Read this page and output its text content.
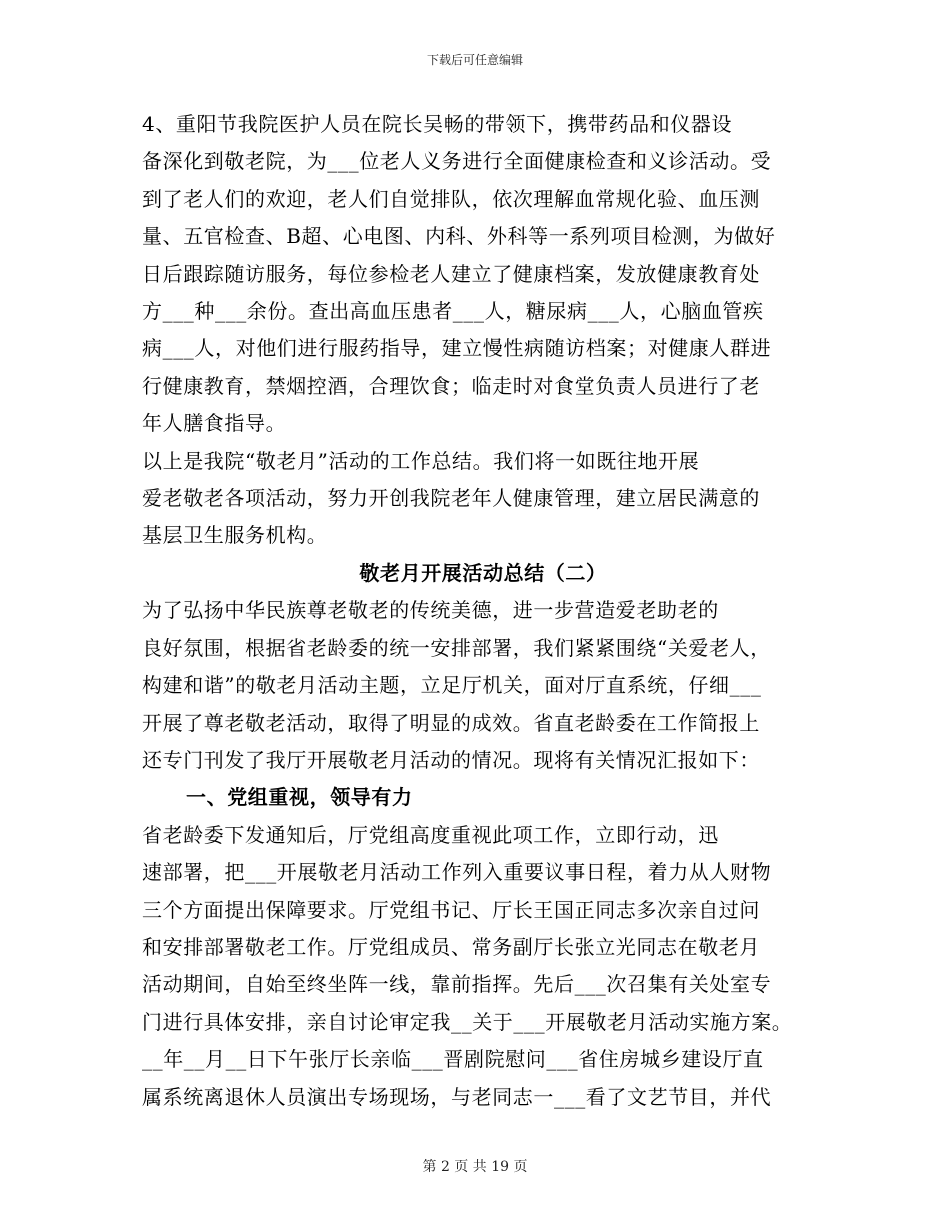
下载后可任意编辑
4、重阳节我院医护人员在院长吴畅的带领下，携带药品和仪器设
备深化到敬老院，为___位老人义务进行全面健康检查和义诊活动。受
到了老人们的欢迎，老人们自觉排队，依次理解血常规化验、血压测
量、五官检查、B超、心电图、内科、外科等一系列项目检测，为做好
日后跟踪随访服务，每位参检老人建立了健康档案，发放健康教育处
方___种___余份。查出高血压患者___人，糖尿病___人，心脑血管疾
病___人，对他们进行服药指导，建立慢性病随访档案；对健康人群进
行健康教育，禁烟控酒，合理饮食；临走时对食堂负责人员进行了老
年人膳食指导。
以上是我院“敬老月”活动的工作总结。我们将一如既往地开展
爱老敬老各项活动，努力开创我院老年人健康管理，建立居民满意的
基层卫生服务机构。
敬老月开展活动总结（二）
为了弘扬中华民族尊老敬老的传统美德，进一步营造爱老助老的
良好氛围，根据省老龄委的统一安排部署，我们紧紧围绕“关爱老人，
构建和谐”的敬老月活动主题，立足厅机关，面对厅直系统，仔细___
开展了尊老敬老活动，取得了明显的成效。省直老龄委在工作简报上
还专门刊发了我厅开展敬老月活动的情况。现将有关情况汇报如下：
一、党组重视，领导有力
省老龄委下发通知后，厅党组高度重视此项工作，立即行动，迅
速部署，把___开展敬老月活动工作列入重要议事日程，着力从人财物
三个方面提出保障要求。厅党组书记、厅长王国正同志多次亲自过问
和安排部署敬老工作。厅党组成员、常务副厅长张立光同志在敬老月
活动期间，自始至终坐阵一线，靠前指挥。先后___次召集有关处室专
门进行具体安排，亲自讨论审定我__关于___开展敬老月活动实施方案。
__年__月__日下午张厅长亲临___晋剧院慰问___省住房城乡建设厅直
属系统离退休人员演出专场现场，与老同志一___看了文艺节目，并代
第 2 页 共 19 页
